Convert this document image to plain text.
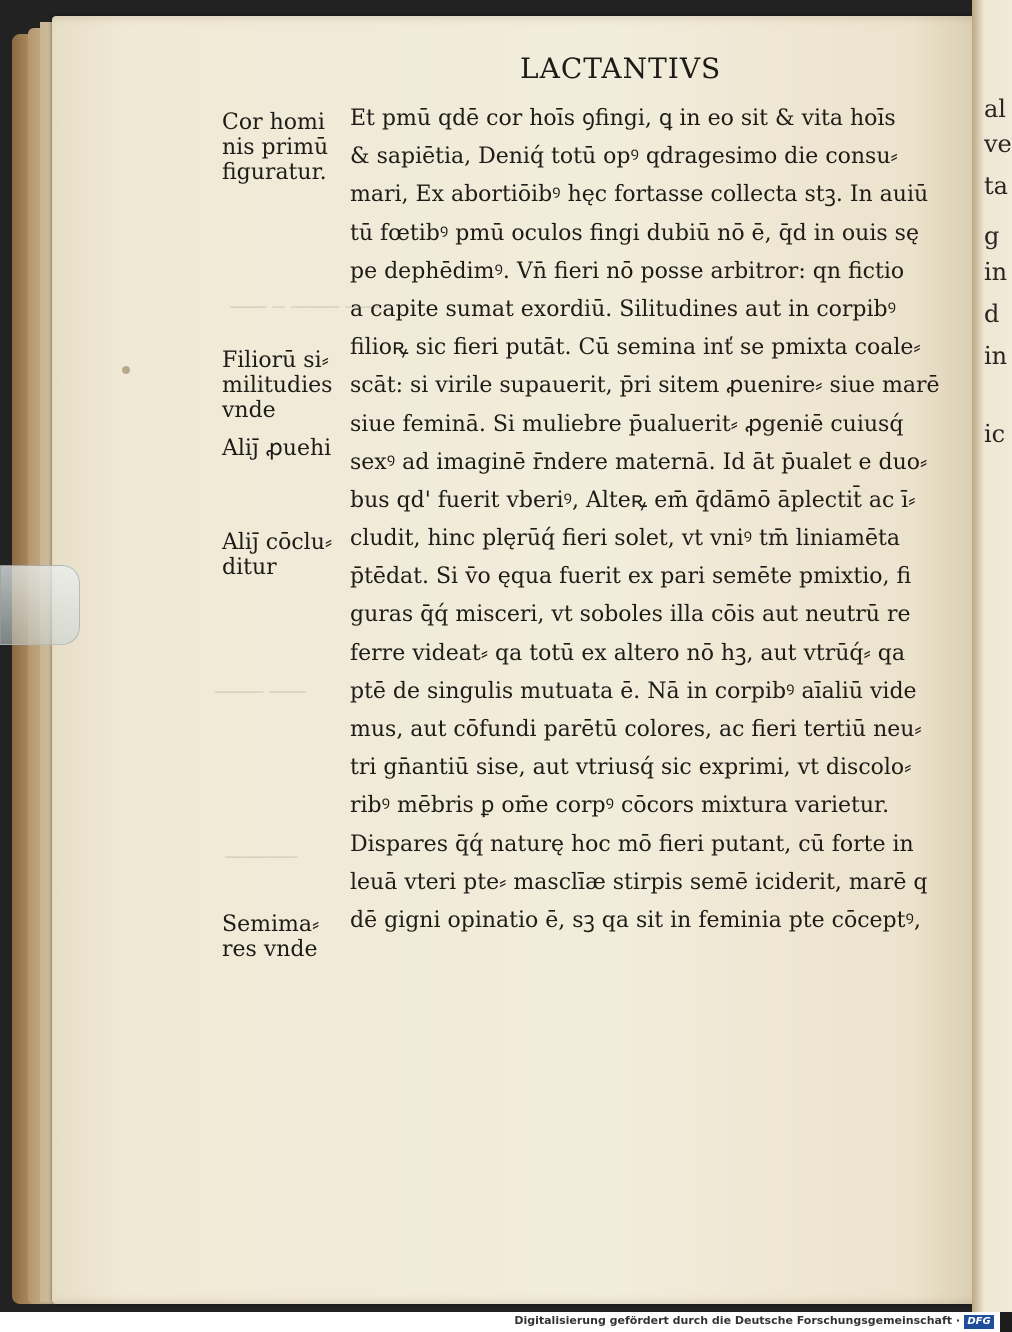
al
ve
ta
g
in
d
in
ic
─── ─ ──── ───
──── ───
──────
LACTANTIVS
Et pmū qdē cor hoīs ꝯfingi, ꝗ in eo sit & vita hoīs
& sapiētia, Deniq́ totū opꝰ qdragesimo die consu⸗
mari, Ex abortiōibꝰ hęc fortasse collecta stꝫ. In auiū
tū fœtibꝰ pmū oculos fingi dubiū nō ē, q̄d in ouis sę
pe dephēdimꝰ. Vn̄ fieri nō posse arbitror: qn fictio
a capite sumat exordiū. Silitudines aut in corpibꝰ
filioꝶ sic fieri putāt. Cū semina inť se pmixta coale⸗
scāt: si virile supauerit, p̄ri sitem ꝓuenire⸗ siue marē
siue feminā. Si muliebre p̄ualuerit⸗ ꝓgeniē cuiusq́
sexꝰ ad imaginē r̄ndere maternā. Id āt p̄ualet e duo⸗
bus qd' fuerit vberiꝰ, Alteꝶ em̄ q̄dāmō āplectit̄ ac ī⸗
cludit, hinc plęrūq́ fieri solet, vt vniꝰ tm̄ liniamēta
p̄tēdat. Si v̄o ęqua fuerit ex pari semēte pmixtio, fi
guras q̄q́ misceri, vt soboles illa cōis aut neutrū re
ferre videat⸗ qa totū ex altero nō hꝫ, aut vtrūq́⸗ qa
ptē de singulis mutuata ē. Nā in corpibꝰ aīaliū vide
mus, aut cōfundi parētū colores, ac fieri tertiū neu⸗
tri gn̄antiū sise, aut vtriusq́ sic exprimi, vt discolo⸗
ribꝰ mēbris ꝑ om̄e corpꝰ cōcors mixtura varietur.
Dispares q̄q́ naturę hoc mō fieri putant, cū forte in
leuā vteri pte⸗ masclīæ stirpis semē iciderit, marē q
dē gigni opinatio ē, sꝫ qa sit in feminia pte cōceptꝰ,
Cor homi
nis primū
figuratur.
Filiorū si⸗
militudies
vnde
Aliȷ̄ ꝓuehi
Aliȷ̄ cōclu⸗
ditur
Semima⸗
res vnde
Digitalisierung gefördert durch die Deutsche Forschungsgemeinschaft · DFG
